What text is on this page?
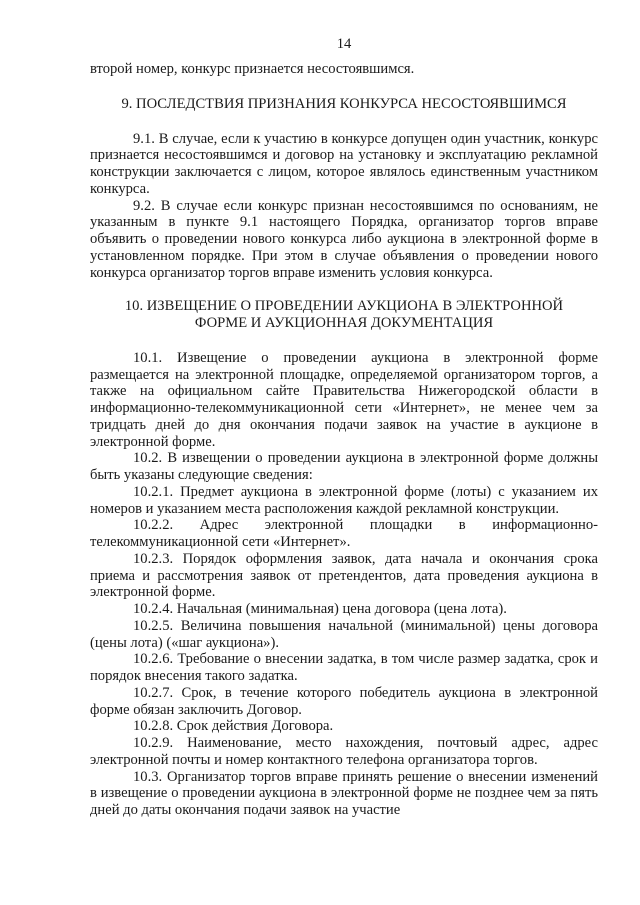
14

второй номер, конкурс признается несостоявшимся.

9. ПОСЛЕДСТВИЯ ПРИЗНАНИЯ КОНКУРСА НЕСОСТОЯВШИМСЯ

9.1. В случае, если к участию в конкурсе допущен один участник, конкурс признается несостоявшимся и договор на установку и эксплуатацию рекламной конструкции заключается с лицом, которое являлось единственным участником конкурса.

9.2. В случае если конкурс признан несостоявшимся по основаниям, не указанным в пункте 9.1 настоящего Порядка, организатор торгов вправе объявить о проведении нового конкурса либо аукциона в электронной форме в установленном порядке. При этом в случае объявления о проведении нового конкурса организатор торгов вправе изменить условия конкурса.

10. ИЗВЕЩЕНИЕ О ПРОВЕДЕНИИ АУКЦИОНА В ЭЛЕКТРОННОЙ
ФОРМЕ И АУКЦИОННАЯ ДОКУМЕНТАЦИЯ

10.1. Извещение о проведении аукциона в электронной форме размещается на электронной площадке, определяемой организатором торгов, а также на официальном сайте Правительства Нижегородской области в информационно-телекоммуникационной сети «Интернет», не менее чем за тридцать дней до дня окончания подачи заявок на участие в аукционе в электронной форме.

10.2. В извещении о проведении аукциона в электронной форме должны быть указаны следующие сведения:

10.2.1. Предмет аукциона в электронной форме (лоты) с указанием их номеров и указанием места расположения каждой рекламной конструкции.

10.2.2. Адрес электронной площадки в информационно-телекоммуникационной сети «Интернет».

10.2.3. Порядок оформления заявок, дата начала и окончания срока приема и рассмотрения заявок от претендентов, дата проведения аукциона в электронной форме.

10.2.4. Начальная (минимальная) цена договора (цена лота).

10.2.5. Величина повышения начальной (минимальной) цены договора (цены лота) («шаг аукциона»).

10.2.6. Требование о внесении задатка, в том числе размер задатка, срок и порядок внесения такого задатка.

10.2.7. Срок, в течение которого победитель аукциона в электронной форме обязан заключить Договор.

10.2.8. Срок действия Договора.

10.2.9. Наименование, место нахождения, почтовый адрес, адрес электронной почты и номер контактного телефона организатора торгов.

10.3. Организатор торгов вправе принять решение о внесении изменений в извещение о проведении аукциона в электронной форме не позднее чем за пять дней до даты окончания подачи заявок на участие
